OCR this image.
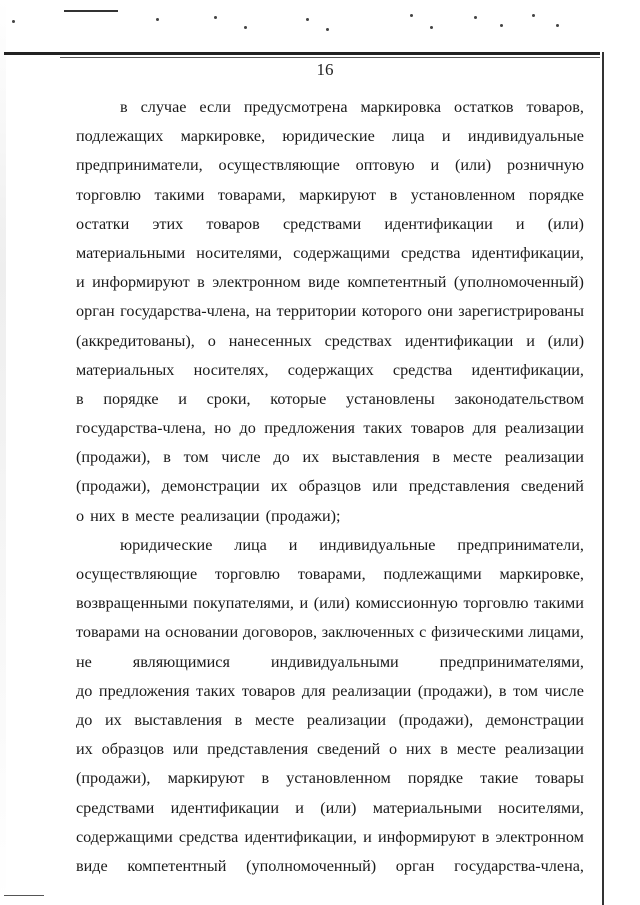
16
в случае если предусмотрена маркировка остатков товаров,
подлежащих маркировке, юридические лица и индивидуальные
предприниматели, осуществляющие оптовую и (или) розничную
торговлю такими товарами, маркируют в установленном порядке
остатки этих товаров средствами идентификации и (или)
материальными носителями, содержащими средства идентификации,
и информируют в электронном виде компетентный (уполномоченный)
орган государства-члена, на территории которого они зарегистрированы
(аккредитованы), о нанесенных средствах идентификации и (или)
материальных носителях, содержащих средства идентификации,
в порядке и сроки, которые установлены законодательством
государства-члена, но до предложения таких товаров для реализации
(продажи), в том числе до их выставления в месте реализации
(продажи), демонстрации их образцов или представления сведений
о них в месте реализации (продажи);
юридические лица и индивидуальные предприниматели,
осуществляющие торговлю товарами, подлежащими маркировке,
возвращенными покупателями, и (или) комиссионную торговлю такими
товарами на основании договоров, заключенных с физическими лицами,
не	являющимися	индивидуальными	предпринимателями,
до предложения таких товаров для реализации (продажи), в том числе
до их выставления в месте реализации (продажи), демонстрации
их образцов или представления сведений о них в месте реализации
(продажи), маркируют в установленном порядке такие товары
средствами идентификации и (или) материальными носителями,
содержащими средства идентификации, и информируют в электронном
виде компетентный (уполномоченный) орган государства-члена,
